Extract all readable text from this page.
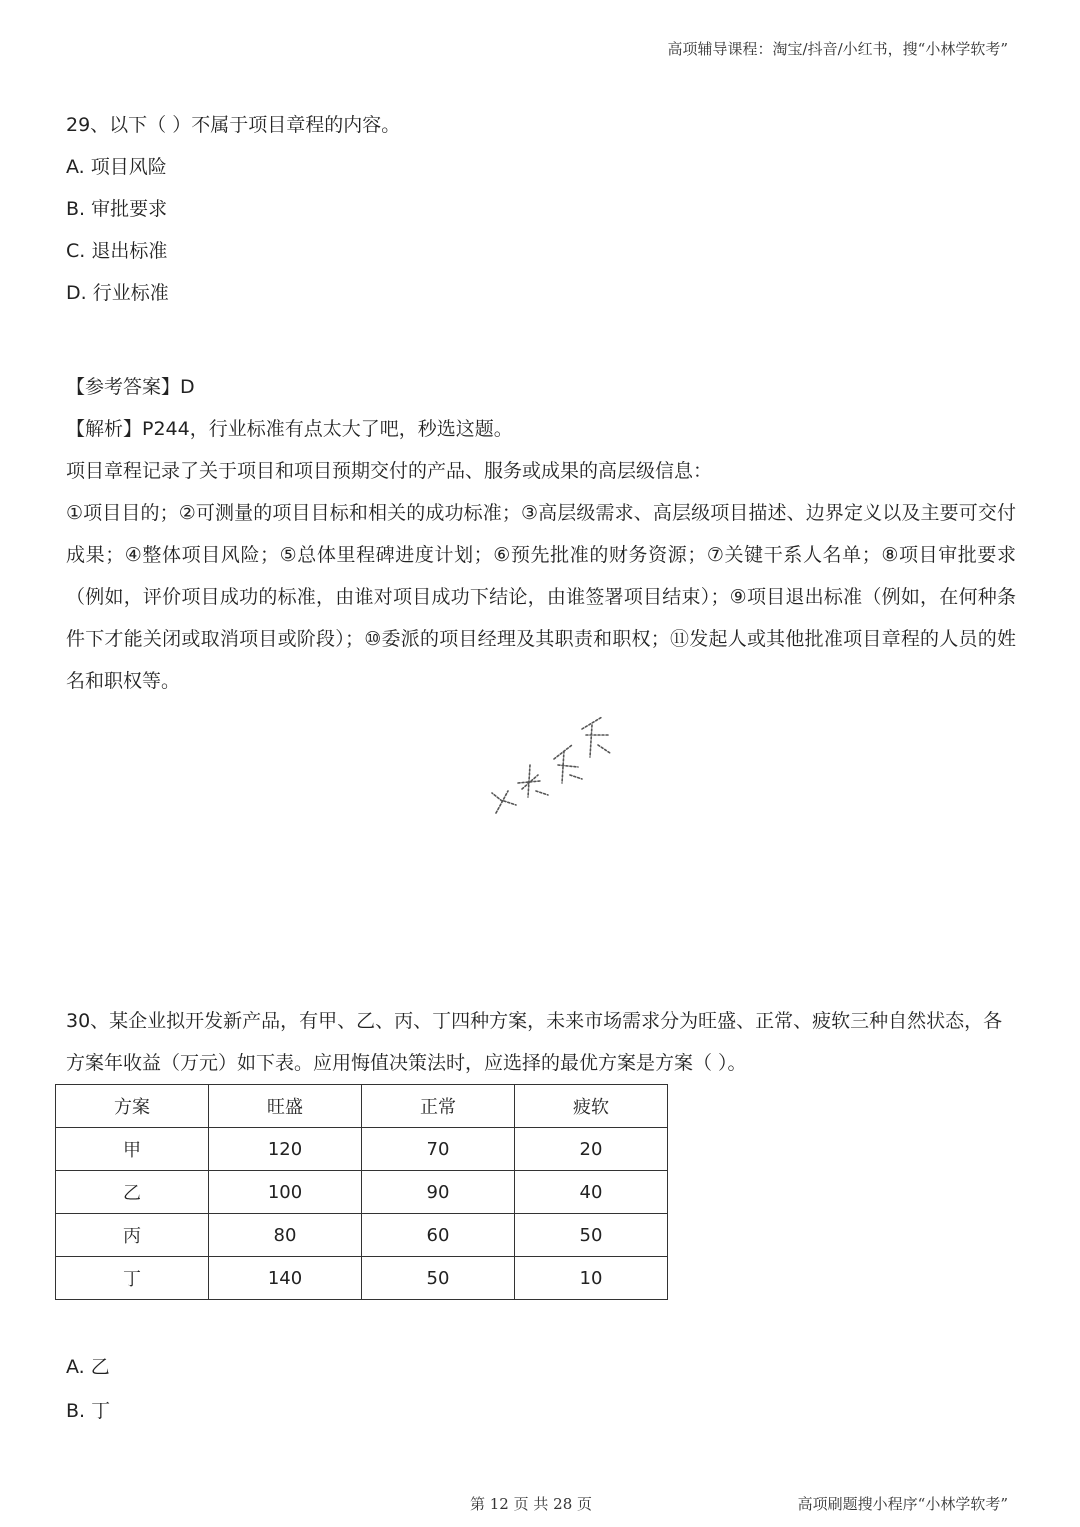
高项辅导课程：淘宝/抖音/小红书，搜“小林学软考”
29、以下（ ）不属于项目章程的内容。
A. 项目风险
B. 审批要求
C. 退出标准
D. 行业标准
【参考答案】D
【解析】P244，行业标准有点太大了吧，秒选这题。
项目章程记录了关于项目和项目预期交付的产品、服务或成果的高层级信息：
①项目目的；②可测量的项目目标和相关的成功标准；③高层级需求、高层级项目描述、边界定义以及主要可交付成果；④整体项目风险；⑤总体里程碑进度计划；⑥预先批准的财务资源；⑦关键干系人名单；⑧项目审批要求（例如，评价项目成功的标准，由谁对项目成功下结论，由谁签署项目结束）；⑨项目退出标准（例如，在何种条件下才能关闭或取消项目或阶段）；⑩委派的项目经理及其职责和职权；⑪发起人或其他批准项目章程的人员的姓名和职权等。
30、某企业拟开发新产品，有甲、乙、丙、丁四种方案，未来市场需求分为旺盛、正常、疲软三种自然状态，各方案年收益（万元）如下表。应用悔值决策法时，应选择的最优方案是方案（ ）。
方案	旺盛	正常	疲软
甲	120	70	20
乙	100	90	40
丙	80	60	50
丁	140	50	10
A. 乙
B. 丁
第 12 页 共 28 页	高项刷题搜小程序“小林学软考”
